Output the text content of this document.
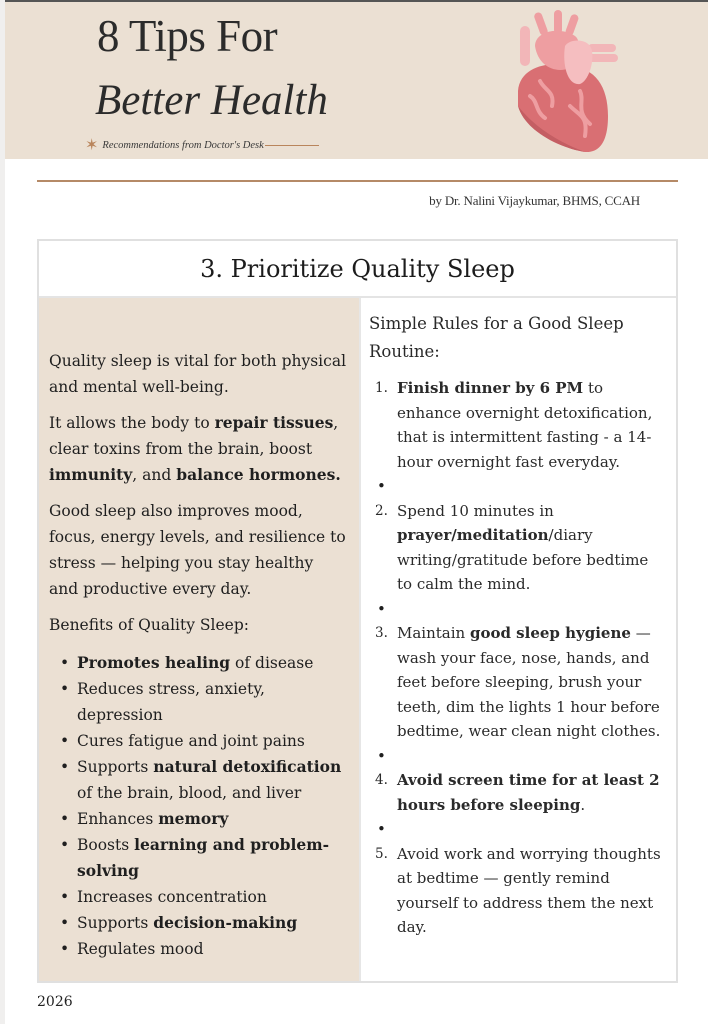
8 Tips For
Better Health
✶ Recommendations from Doctor's Desk
by Dr. Nalini Vijaykumar, BHMS, CCAH
3. Prioritize Quality Sleep

Quality sleep is vital for both physical and mental well-being.

It allows the body to repair tissues, clear toxins from the brain, boost immunity, and balance hormones.

Good sleep also improves mood, focus, energy levels, and resilience to stress — helping you stay healthy and productive every day.

Benefits of Quality Sleep:
• Promotes healing of disease
• Reduces stress, anxiety, depression
• Cures fatigue and joint pains
• Supports natural detoxification of the brain, blood, and liver
• Enhances memory
• Boosts learning and problem-solving
• Increases concentration
• Supports decision-making
• Regulates mood
Simple Rules for a Good Sleep Routine:
1. Finish dinner by 6 PM to enhance overnight detoxification, that is intermittent fasting - a 14-hour overnight fast everyday.
•
2. Spend 10 minutes in prayer/meditation/diary writing/gratitude before bedtime to calm the mind.
•
3. Maintain good sleep hygiene — wash your face, nose, hands, and feet before sleeping, brush your teeth, dim the lights 1 hour before bedtime, wear clean night clothes.
•
4. Avoid screen time for at least 2 hours before sleeping.
•
5. Avoid work and worrying thoughts at bedtime — gently remind yourself to address them the next day.
2026
